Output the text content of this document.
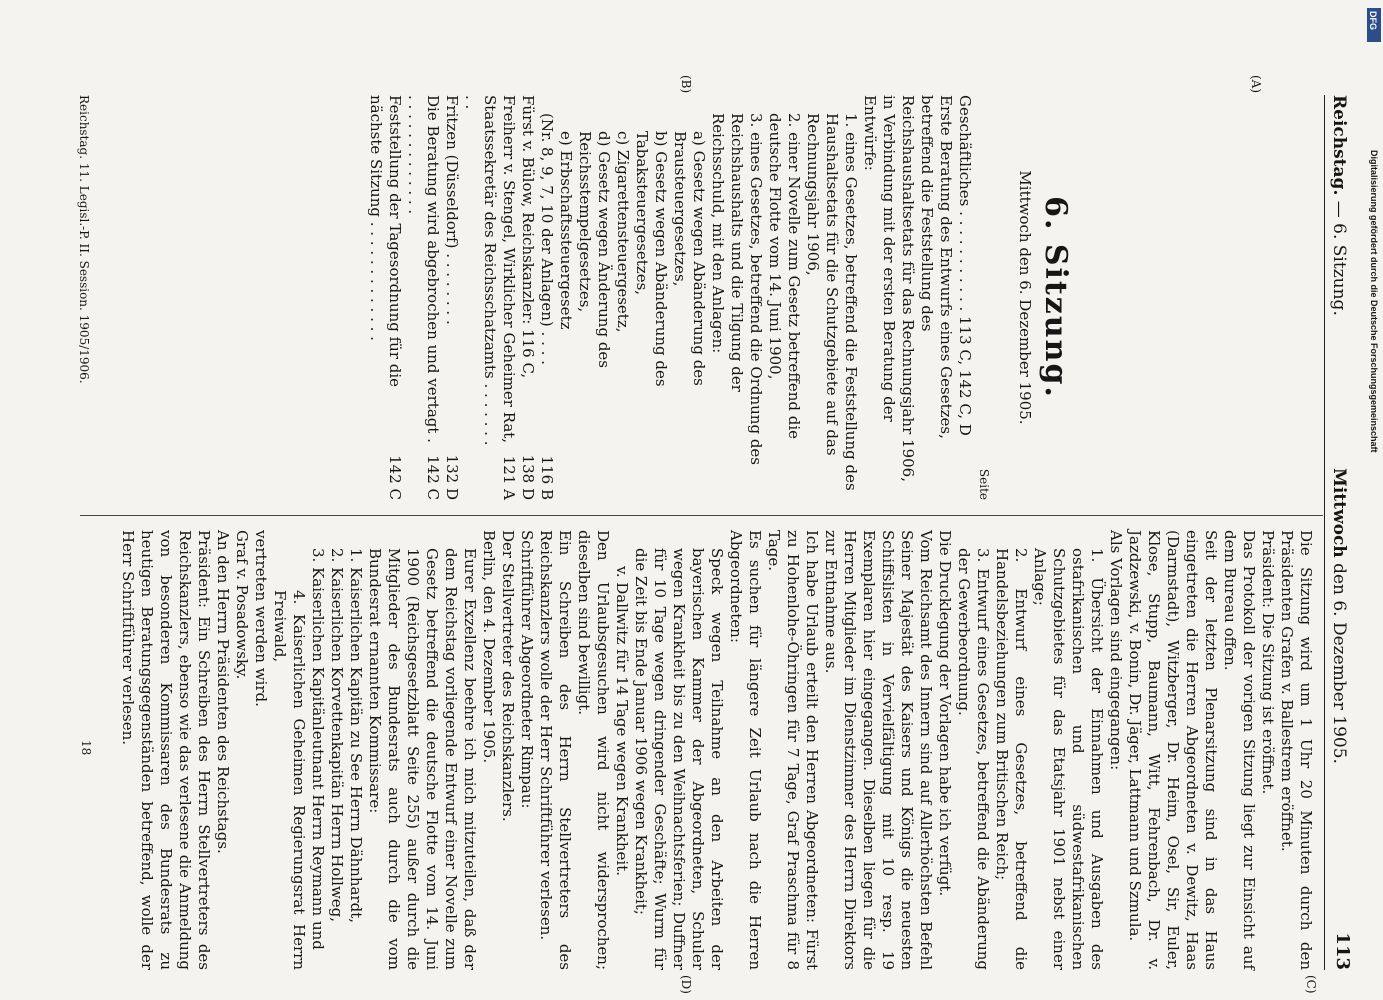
Reichstag. — 6. Sitzung.
Mittwoch den 6. Dezember 1905.
113
(A)
(B)
(C)
(D)
6. Sitzung.
Mittwoch den 6. Dezember 1905.
Seite
Geschäftliches . . . . . . . . . . . 113 C, 142 C, D
Erste Beratung des Entwurfs eines Gesetzes, betreffend die Feststellung des Reichshaushaltsetats für das Rechnungsjahr 1906, in Verbindung mit der ersten Beratung der Entwürfe:
1. eines Gesetzes, betreffend die Feststellung des Haushaltsetats für die Schutzgebiete auf das Rechnungsjahr 1906,
2. einer Novelle zum Gesetz betreffend die deutsche Flotte vom 14. Juni 1900,
3. eines Gesetzes, betreffend die Ordnung des Reichshaushalts und die Tilgung der Reichsschuld, mit den Anlagen:
a) Gesetz wegen Abänderung des Brausteuergesetzes,
b) Gesetz wegen Abänderung des Tabaksteuergesetzes,
c) Zigarettensteuergesetz,
d) Gesetz wegen Änderung des Reichsstempelgesetzes,
e) Erbschaftssteuergesetz
(Nr. 8, 9, 7, 10 der Anlagen) . . . .
116 B
Fürst v. Bülow, Reichskanzler: 116 C,
138 D
Freiherr v. Stengel, Wirklicher Geheimer Rat, Staatssekretär des Reichsschatzamts . . . . . . . . .
121 A
Fritzen (Düsseldorf) . . . . . . . .
132 D
Die Beratung wird abgebrochen und vertagt . . . . . . . . . . . . . .
142 C
Feststellung der Tagesordnung für die nächste Sitzung . . . . . . . . . . . . .
142 C
Reichstag. 11. Legisl.-P. II. Session. 1905/1906.

Die Sitzung wird um 1 Uhr 20 Minuten durch den Präsidenten Grafen v. Ballestrem eröffnet.

Präsident: Die Sitzung ist eröffnet.

Das Protokoll der vorigen Sitzung liegt zur Einsicht auf dem Bureau offen.

Seit der letzten Plenarsitzung sind in das Haus eingetreten die Herren Abgeordneten v. Dewitz, Haas (Darmstadt), Witzberger, Dr. Heim, Osel, Sir, Euler, Klose, Stupp, Baumann, Witt, Fehrenbach, Dr. v. Jazdzewski, v. Bonin, Dr. Jäger, Lattmann und Szmula.

Als Vorlagen sind eingegangen:

1. Übersicht der Einnahmen und Ausgaben des ostafrikanischen und südwestafrikanischen Schutzgebietes für das Etatsjahr 1901 nebst einer Anlage;

2. Entwurf eines Gesetzes, betreffend die Handelsbeziehungen zum Britischen Reich;

3. Entwurf eines Gesetzes, betreffend die Abänderung der Gewerbeordnung.

Die Drucklegung der Vorlagen habe ich verfügt.

Vom Reichsamt des Innern sind auf Allerhöchsten Befehl Seiner Majestät des Kaisers und Königs die neuesten Schiffslisten in Vervielfältigung mit 10 resp. 19 Exemplaren hier eingegangen. Dieselben liegen für die Herren Mitglieder im Dienstzimmer des Herrn Direktors zur Entnahme aus.

Ich habe Urlaub erteilt den Herren Abgeordneten: Fürst zu Hohenlohe-Öhringen für 7 Tage, Graf Praschma für 8 Tage.

Es suchen für längere Zeit Urlaub nach die Herren Abgeordneten:

Speck wegen Teilnahme an den Arbeiten der bayerischen Kammer der Abgeordneten, Schuler wegen Krankheit bis zu den Weihnachtsferien; Duffner für 10 Tage wegen dringender Geschäfte; Wurm für die Zeit bis Ende Januar 1906 wegen Krankheit;

v. Dallwitz für 14 Tage wegen Krankheit.

Den Urlaubsgesuchen wird nicht widersprochen; dieselben sind bewilligt.

Ein Schreiben des Herrn Stellvertreters des Reichskanzlers wolle der Herr Schriftführer verlesen.

Schriftführer Abgeordneter Rimpau:

Der Stellvertreter des Reichskanzlers.

Berlin, den 4. Dezember 1905.

Eurer Exzellenz beehre ich mich mitzuteilen, daß der dem Reichstag vorliegende Entwurf einer Novelle zum Gesetz betreffend die deutsche Flotte vom 14. Juni 1900 (Reichsgesetzblatt Seite 255) außer durch die Mitglieder des Bundesrats auch durch die vom Bundesrat ernannten Kommissare:

1. Kaiserlichen Kapitän zu See Herrn Dähnhardt,

2. Kaiserlichen Korvettenkapitän Herrn Hollweg,

3. Kaiserlichen Kapitänleutnant Herrn Reymann und

4. Kaiserlichen Geheimen Regierungsrat Herrn Freiwald,

vertreten werden wird.

Graf v. Posadowsky.

An den Herrn Präsidenten des Reichstags.

Präsident: Ein Schreiben des Herrn Stellvertreters des Reichskanzlers, ebenso wie das verlesene die Anmeldung von besonderen Kommissaren des Bundesrats zu heutigen Beratungsgegenständen betreffend, wolle der Herr Schriftführer verlesen.

18
DFG
Digitalisierung gefördert durch die Deutsche Forschungsgemeinschaft
